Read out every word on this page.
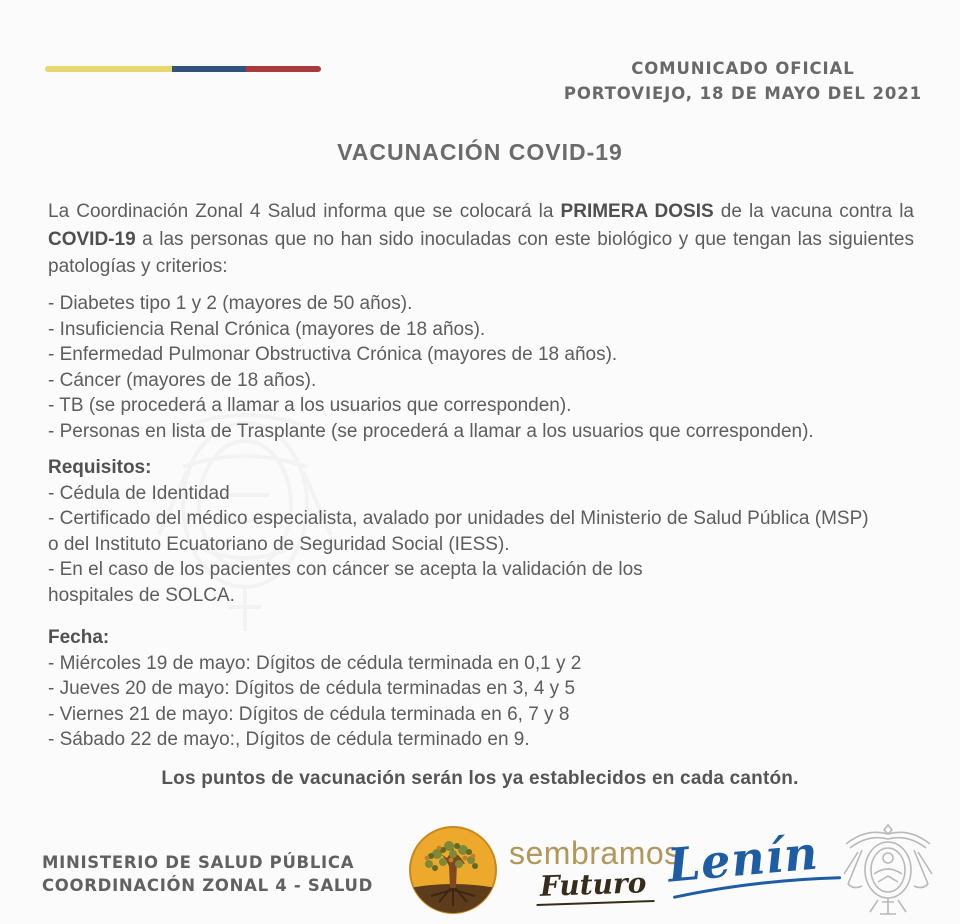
COMUNICADO OFICIAL
PORTOVIEJO, 18 DE MAYO DEL 2021
VACUNACIÓN COVID-19

La Coordinación Zonal 4 Salud informa que se colocará la PRIMERA DOSIS de la vacuna contra la COVID-19 a las personas que no han sido inoculadas con este biológico y que tengan las siguientes patologías y criterios:

- Diabetes tipo 1 y 2 (mayores de 50 años).
- Insuficiencia Renal Crónica (mayores de 18 años).
- Enfermedad Pulmonar Obstructiva Crónica (mayores de 18 años).
- Cáncer (mayores de 18 años).
- TB (se procederá a llamar a los usuarios que corresponden).
- Personas en lista de Trasplante (se procederá a llamar a los usuarios que corresponden).
Requisitos:
- Cédula de Identidad
- Certificado del médico especialista, avalado por unidades del Ministerio de Salud Pública (MSP)
o del Instituto Ecuatoriano de Seguridad Social (IESS).
- En el caso de los pacientes con cáncer se acepta la validación de los
hospitales de SOLCA.
Fecha:
- Miércoles 19 de mayo: Dígitos de cédula terminada en 0,1 y 2
- Jueves 20 de mayo: Dígitos de cédula terminadas en 3, 4 y 5
- Viernes 21 de mayo: Dígitos de cédula terminada en 6, 7 y 8
- Sábado 22 de mayo:, Dígitos de cédula terminado en 9.
Los puntos de vacunación serán los ya establecidos en cada cantón.
MINISTERIO DE SALUD PÚBLICA
COORDINACIÓN ZONAL 4 - SALUD
sembramos
Futuro Lenín
